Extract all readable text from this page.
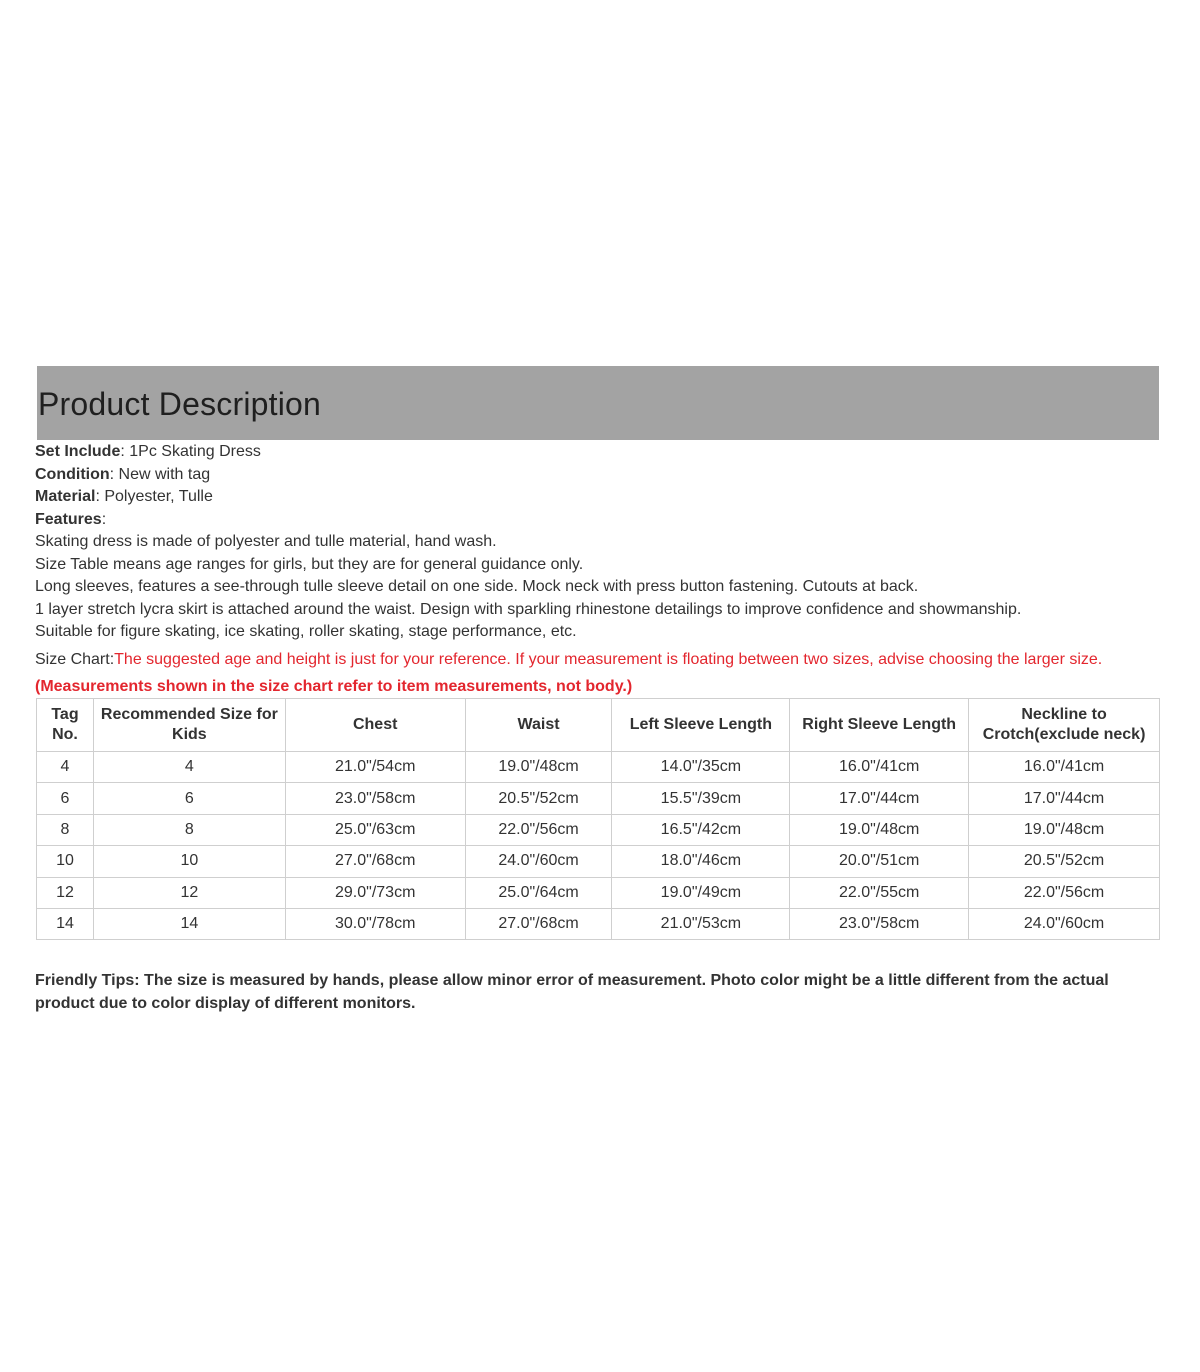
Product Description
Set Include: 1Pc Skating Dress
Condition: New with tag
Material: Polyester, Tulle
Features:
Skating dress is made of polyester and tulle material, hand wash.
Size Table means age ranges for girls, but they are for general guidance only.
Long sleeves, features a see-through tulle sleeve detail on one side. Mock neck with press button fastening. Cutouts at back.
1 layer stretch lycra skirt is attached around the waist. Design with sparkling rhinestone detailings to improve confidence and showmanship.
Suitable for figure skating, ice skating, roller skating, stage performance, etc.
Size Chart:The suggested age and height is just for your reference. If your measurement is floating between two sizes, advise choosing the larger size. (Measurements shown in the size chart refer to item measurements, not body.)
Tag No.	Recommended Size for Kids	Chest	Waist	Left Sleeve Length	Right Sleeve Length	Neckline to Crotch(exclude neck)
4	4	21.0"/54cm	19.0"/48cm	14.0"/35cm	16.0"/41cm	16.0"/41cm
6	6	23.0"/58cm	20.5"/52cm	15.5"/39cm	17.0"/44cm	17.0"/44cm
8	8	25.0"/63cm	22.0"/56cm	16.5"/42cm	19.0"/48cm	19.0"/48cm
10	10	27.0"/68cm	24.0"/60cm	18.0"/46cm	20.0"/51cm	20.5"/52cm
12	12	29.0"/73cm	25.0"/64cm	19.0"/49cm	22.0"/55cm	22.0"/56cm
14	14	30.0"/78cm	27.0"/68cm	21.0"/53cm	23.0"/58cm	24.0"/60cm
Friendly Tips: The size is measured by hands, please allow minor error of measurement. Photo color might be a little different from the actual product due to color display of different monitors.
